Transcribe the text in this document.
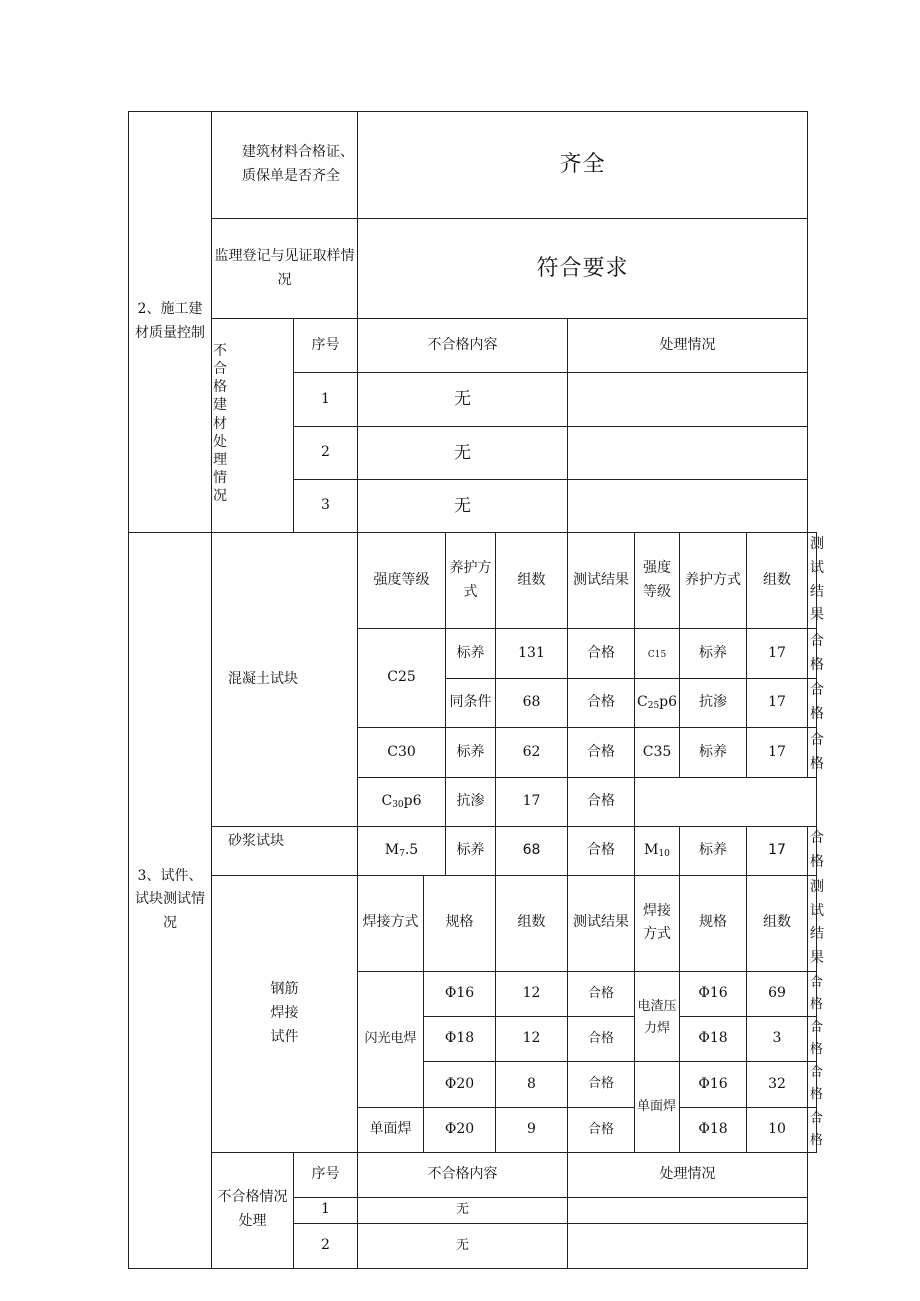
2、施工建材质量控制	建筑材料合格证、质保单是否齐全		齐全								
	监理登记与见证取样情况		符合要求								
	不合格建材处理情况	序号	不合格内容				处理情况				
		1	无								
		2	无								
		3	无								
3、试件、试块测试情况	混凝土试块		强度等级		养护方式	组数	测试结果	强度等级	养护方式	组数	测试结果
			C25		标养	131	合格	C15	标养	17	合格
					同条件	68	合格	$C_{25}p6$	抗渗	17	合格
			C30		标养	62	合格	C35	标养	17	合格
			$C_{30}p6$		抗渗	17	合格				
	砂浆试块		$M_7.5$		标养	68	合格	$M_{10}$	标养	17	合格
	钢筋
焊接
试件		焊接方式	规格		组数	测试结果	焊接方式	规格	组数	测试结果
			闪光电焊	Φ16		12	合格	电渣压力焊	Φ16	69	合格
				Φ18		12	合格		Φ18	3	合格
				Φ20		8	合格	单面焊	Φ16	32	合格
			单面焊	Φ20		9	合格		Φ18	10	合格
	不合格情况处理	序号	不合格内容				处理情况				
		1	无								
		2	无								
